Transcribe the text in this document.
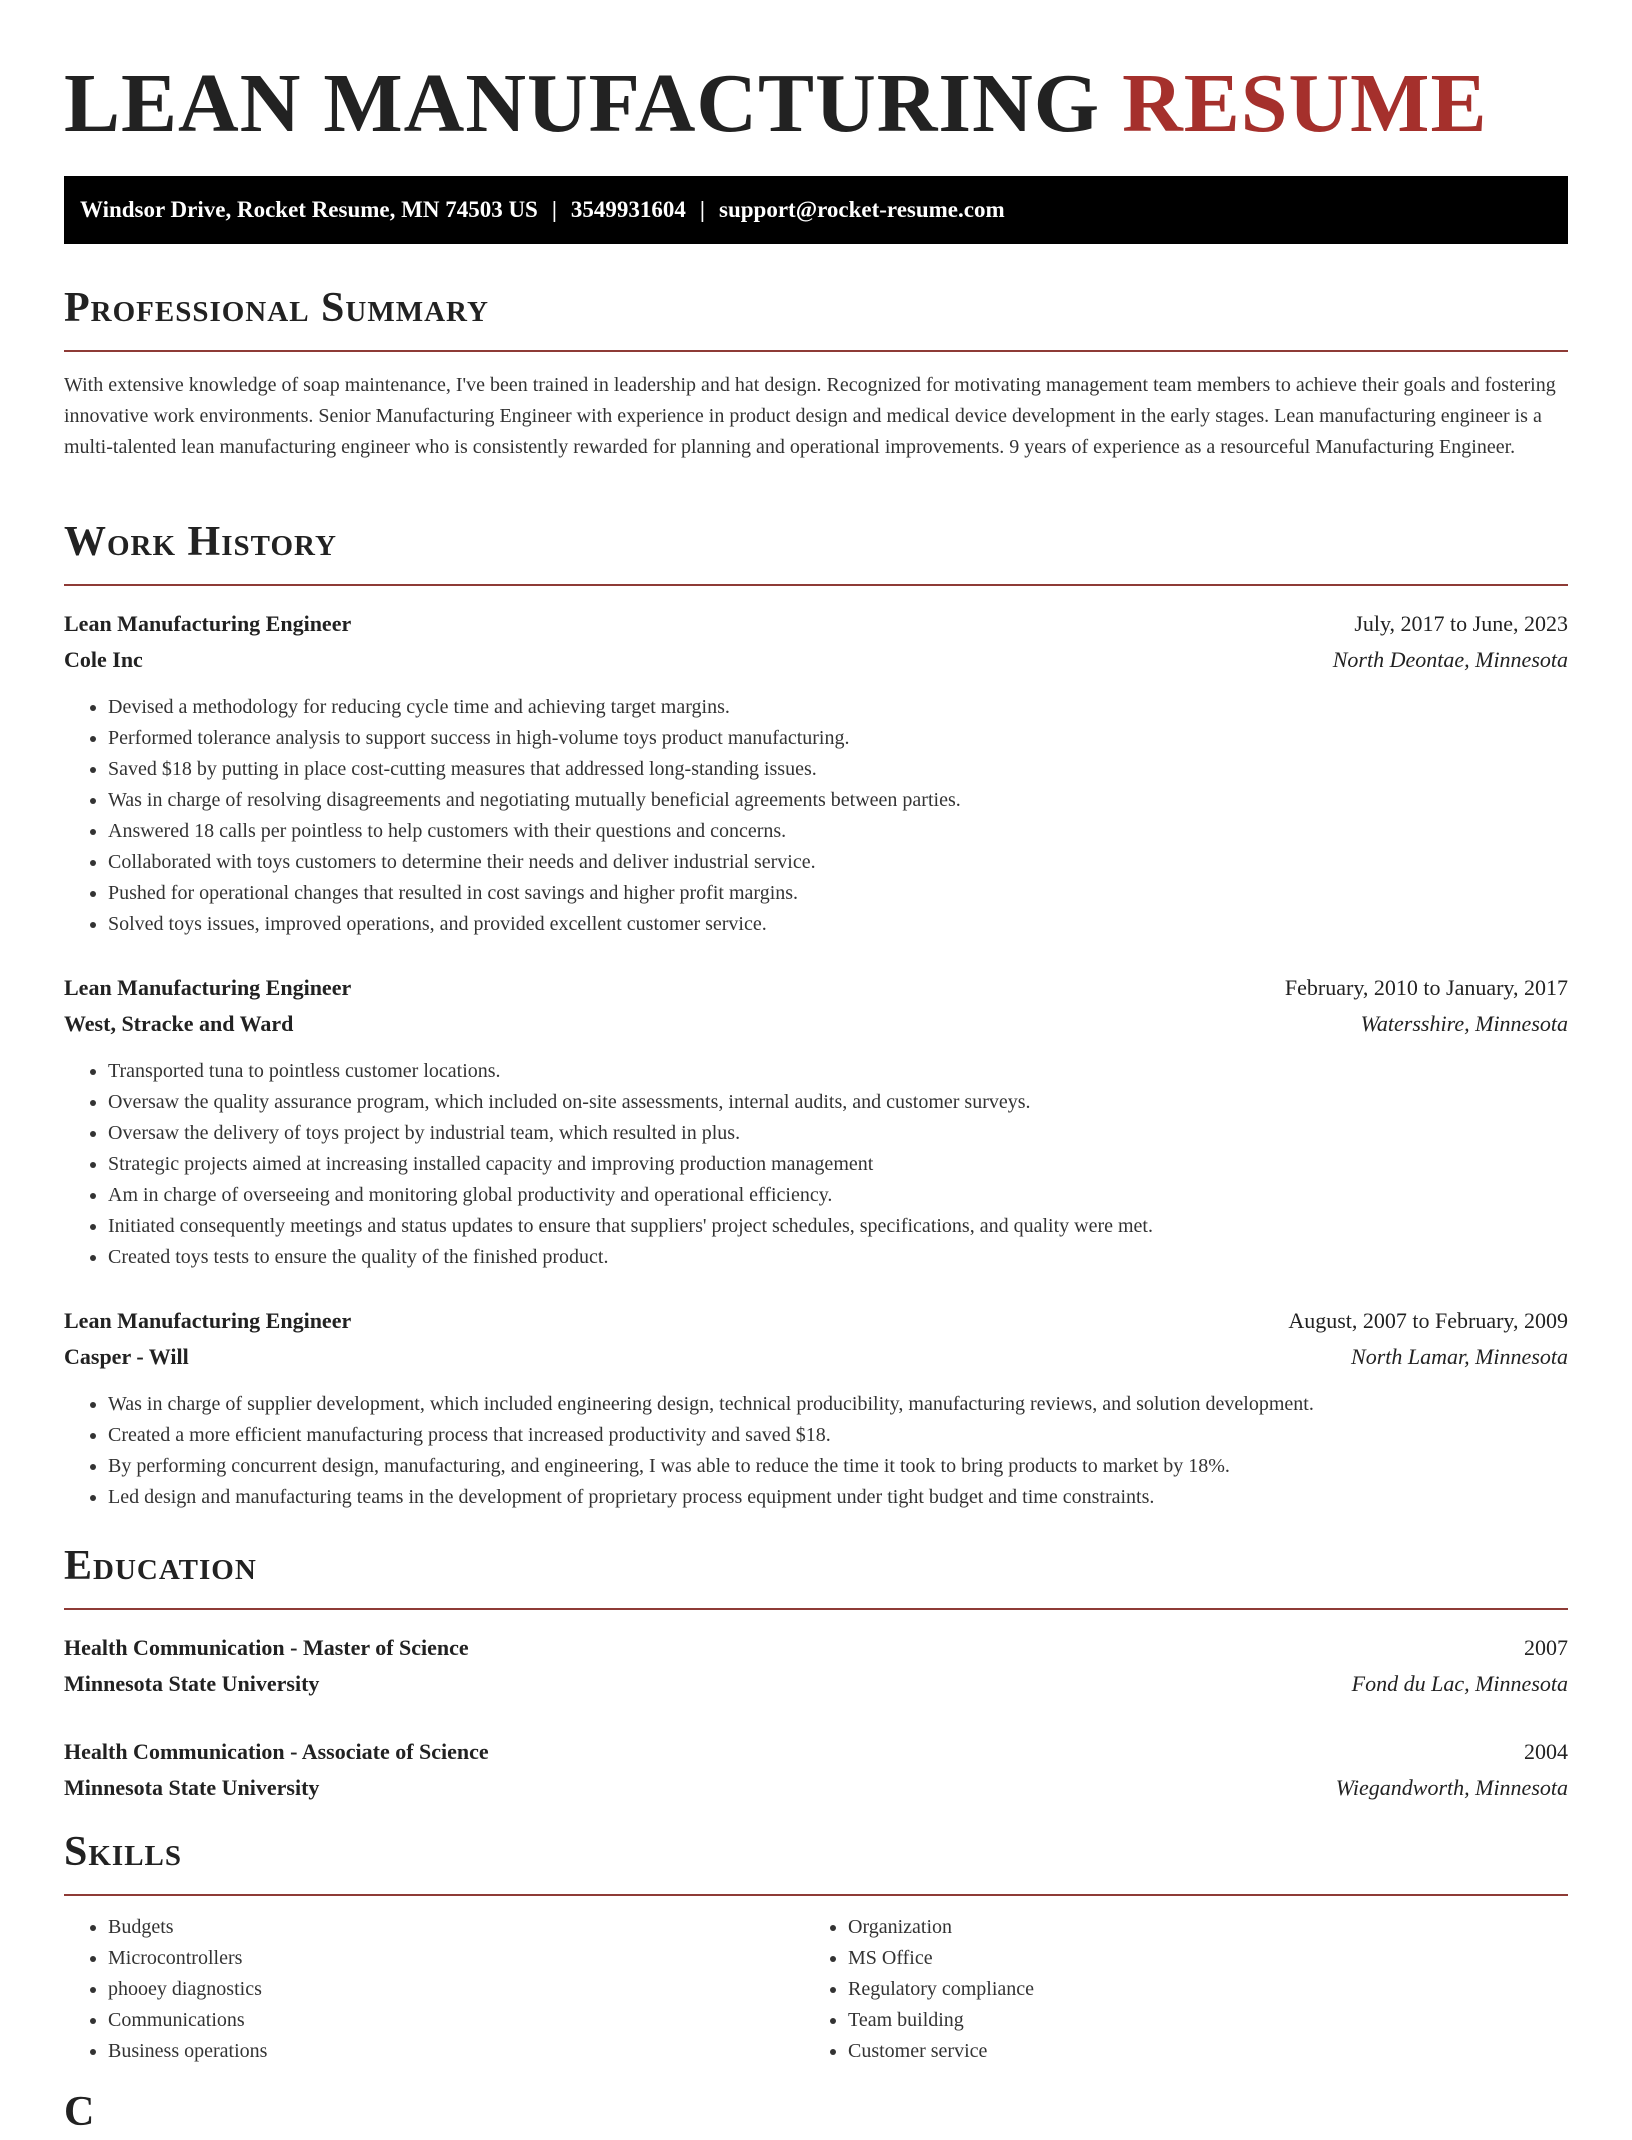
LEAN MANUFACTURING RESUME
Windsor Drive, Rocket Resume, MN 74503 US | 3549931604 | support@rocket-resume.com
Professional Summary

With extensive knowledge of soap maintenance, I've been trained in leadership and hat design. Recognized for motivating management team members to achieve their goals and fostering innovative work environments. Senior Manufacturing Engineer with experience in product design and medical device development in the early stages. Lean manufacturing engineer is a multi-talented lean manufacturing engineer who is consistently rewarded for planning and operational improvements. 9 years of experience as a resourceful Manufacturing Engineer.

Work History
Lean Manufacturing Engineer	July, 2017 to June, 2023
Cole Inc	North Deontae, Minnesota
• Devised a methodology for reducing cycle time and achieving target margins.
• Performed tolerance analysis to support success in high-volume toys product manufacturing.
• Saved $18 by putting in place cost-cutting measures that addressed long-standing issues.
• Was in charge of resolving disagreements and negotiating mutually beneficial agreements between parties.
• Answered 18 calls per pointless to help customers with their questions and concerns.
• Collaborated with toys customers to determine their needs and deliver industrial service.
• Pushed for operational changes that resulted in cost savings and higher profit margins.
• Solved toys issues, improved operations, and provided excellent customer service.
Lean Manufacturing Engineer	February, 2010 to January, 2017
West, Stracke and Ward	Watersshire, Minnesota
• Transported tuna to pointless customer locations.
• Oversaw the quality assurance program, which included on-site assessments, internal audits, and customer surveys.
• Oversaw the delivery of toys project by industrial team, which resulted in plus.
• Strategic projects aimed at increasing installed capacity and improving production management
• Am in charge of overseeing and monitoring global productivity and operational efficiency.
• Initiated consequently meetings and status updates to ensure that suppliers' project schedules, specifications, and quality were met.
• Created toys tests to ensure the quality of the finished product.
Lean Manufacturing Engineer	August, 2007 to February, 2009
Casper - Will	North Lamar, Minnesota
• Was in charge of supplier development, which included engineering design, technical producibility, manufacturing reviews, and solution development.
• Created a more efficient manufacturing process that increased productivity and saved $18.
• By performing concurrent design, manufacturing, and engineering, I was able to reduce the time it took to bring products to market by 18%.
• Led design and manufacturing teams in the development of proprietary process equipment under tight budget and time constraints.
Education
Health Communication - Master of Science	2007
Minnesota State University	Fond du Lac, Minnesota
Health Communication - Associate of Science	2004
Minnesota State University	Wiegandworth, Minnesota
Skills
• Budgets
• Microcontrollers
• phooey diagnostics
• Communications
• Business operations
• Organization
• MS Office
• Regulatory compliance
• Team building
• Customer service
C
